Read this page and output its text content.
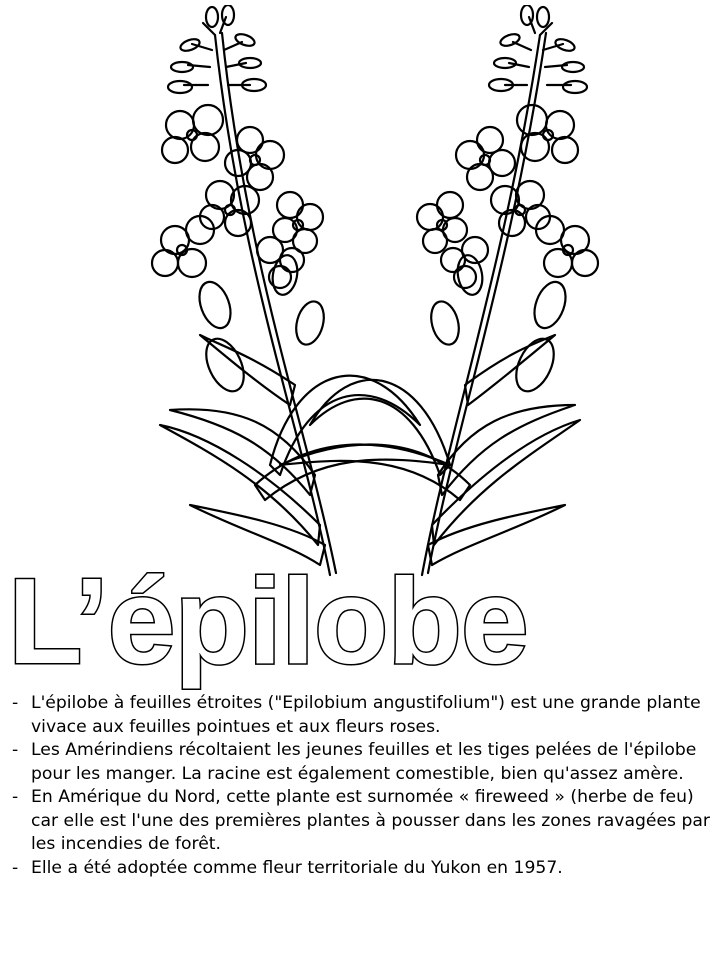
L’épilobe
- L'épilobe à feuilles étroites ("Epilobium angustifolium") est une grande plante vivace aux feuilles pointues et aux fleurs roses.
- Les Amérindiens récoltaient les jeunes feuilles et les tiges pelées de l'épilobe pour les manger. La racine est également comestible, bien qu'assez amère.
- En Amérique du Nord, cette plante est surnomée « fireweed » (herbe de feu) car elle est l'une des premières plantes à pousser dans les zones ravagées par les incendies de forêt.
- Elle a été adoptée comme fleur territoriale du Yukon en 1957.
